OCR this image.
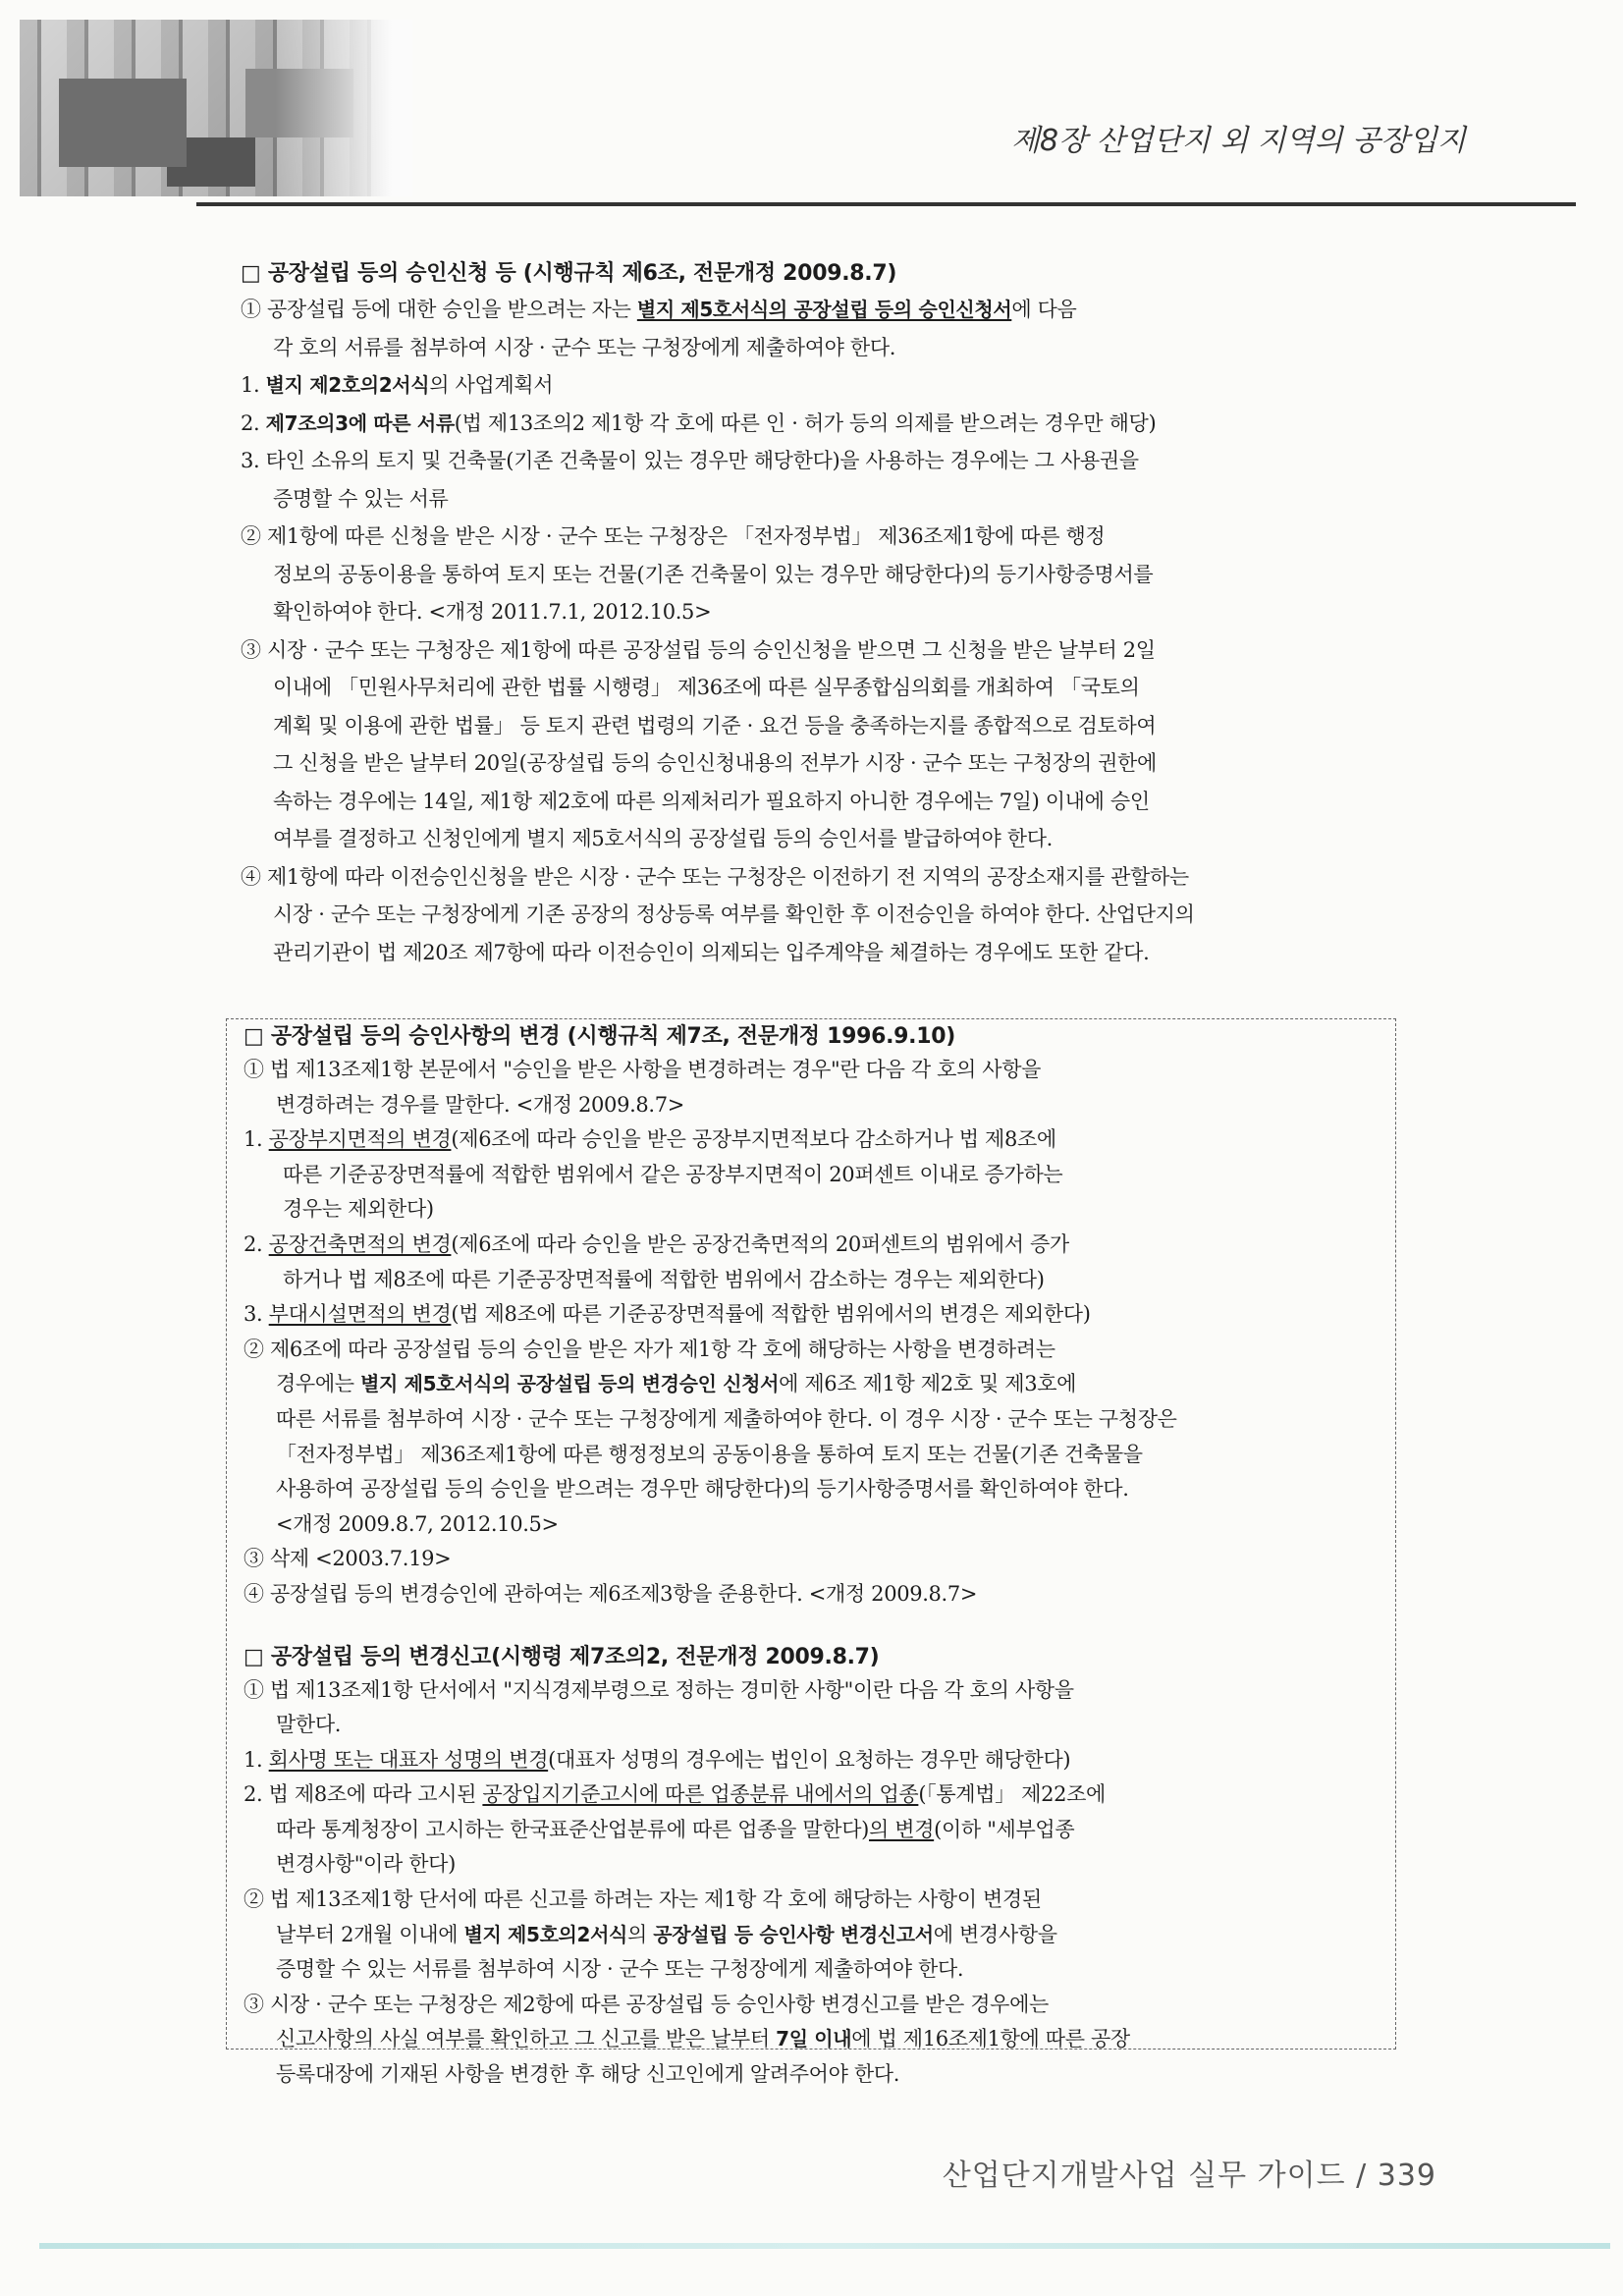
제8장 산업단지 외 지역의 공장입지
□ 공장설립 등의 승인신청 등 (시행규칙 제6조, 전문개정 2009.8.7)
① 공장설립 등에 대한 승인을 받으려는 자는 별지 제5호서식의 공장설립 등의 승인신청서에 다음
각 호의 서류를 첨부하여 시장 · 군수 또는 구청장에게 제출하여야 한다.
1. 별지 제2호의2서식의 사업계획서
2. 제7조의3에 따른 서류(법 제13조의2 제1항 각 호에 따른 인 · 허가 등의 의제를 받으려는 경우만 해당)
3. 타인 소유의 토지 및 건축물(기존 건축물이 있는 경우만 해당한다)을 사용하는 경우에는 그 사용권을
증명할 수 있는 서류
② 제1항에 따른 신청을 받은 시장 · 군수 또는 구청장은 「전자정부법」 제36조제1항에 따른 행정
정보의 공동이용을 통하여 토지 또는 건물(기존 건축물이 있는 경우만 해당한다)의 등기사항증명서를
확인하여야 한다. <개정 2011.7.1, 2012.10.5>
③ 시장 · 군수 또는 구청장은 제1항에 따른 공장설립 등의 승인신청을 받으면 그 신청을 받은 날부터 2일
이내에 「민원사무처리에 관한 법률 시행령」 제36조에 따른 실무종합심의회를 개최하여 「국토의
계획 및 이용에 관한 법률」 등 토지 관련 법령의 기준 · 요건 등을 충족하는지를 종합적으로 검토하여
그 신청을 받은 날부터 20일(공장설립 등의 승인신청내용의 전부가 시장 · 군수 또는 구청장의 권한에
속하는 경우에는 14일, 제1항 제2호에 따른 의제처리가 필요하지 아니한 경우에는 7일) 이내에 승인
여부를 결정하고 신청인에게 별지 제5호서식의 공장설립 등의 승인서를 발급하여야 한다.
④ 제1항에 따라 이전승인신청을 받은 시장 · 군수 또는 구청장은 이전하기 전 지역의 공장소재지를 관할하는
시장 · 군수 또는 구청장에게 기존 공장의 정상등록 여부를 확인한 후 이전승인을 하여야 한다. 산업단지의
관리기관이 법 제20조 제7항에 따라 이전승인이 의제되는 입주계약을 체결하는 경우에도 또한 같다.
□ 공장설립 등의 승인사항의 변경 (시행규칙 제7조, 전문개정 1996.9.10)
① 법 제13조제1항 본문에서 "승인을 받은 사항을 변경하려는 경우"란 다음 각 호의 사항을
변경하려는 경우를 말한다. <개정 2009.8.7>
1. 공장부지면적의 변경(제6조에 따라 승인을 받은 공장부지면적보다 감소하거나 법 제8조에
따른 기준공장면적률에 적합한 범위에서 같은 공장부지면적이 20퍼센트 이내로 증가하는
경우는 제외한다)
2. 공장건축면적의 변경(제6조에 따라 승인을 받은 공장건축면적의 20퍼센트의 범위에서 증가
하거나 법 제8조에 따른 기준공장면적률에 적합한 범위에서 감소하는 경우는 제외한다)
3. 부대시설면적의 변경(법 제8조에 따른 기준공장면적률에 적합한 범위에서의 변경은 제외한다)
② 제6조에 따라 공장설립 등의 승인을 받은 자가 제1항 각 호에 해당하는 사항을 변경하려는
경우에는 별지 제5호서식의 공장설립 등의 변경승인 신청서에 제6조 제1항 제2호 및 제3호에
따른 서류를 첨부하여 시장 · 군수 또는 구청장에게 제출하여야 한다. 이 경우 시장 · 군수 또는 구청장은
「전자정부법」 제36조제1항에 따른 행정정보의 공동이용을 통하여 토지 또는 건물(기존 건축물을
사용하여 공장설립 등의 승인을 받으려는 경우만 해당한다)의 등기사항증명서를 확인하여야 한다.
<개정 2009.8.7, 2012.10.5>
③ 삭제 <2003.7.19>
④ 공장설립 등의 변경승인에 관하여는 제6조제3항을 준용한다. <개정 2009.8.7>
□ 공장설립 등의 변경신고(시행령 제7조의2, 전문개정 2009.8.7)
① 법 제13조제1항 단서에서 "지식경제부령으로 정하는 경미한 사항"이란 다음 각 호의 사항을
말한다.
1. 회사명 또는 대표자 성명의 변경(대표자 성명의 경우에는 법인이 요청하는 경우만 해당한다)
2. 법 제8조에 따라 고시된 공장입지기준고시에 따른 업종분류 내에서의 업종(「통계법」 제22조에
따라 통계청장이 고시하는 한국표준산업분류에 따른 업종을 말한다)의 변경(이하 "세부업종
변경사항"이라 한다)
② 법 제13조제1항 단서에 따른 신고를 하려는 자는 제1항 각 호에 해당하는 사항이 변경된
날부터 2개월 이내에 별지 제5호의2서식의 공장설립 등 승인사항 변경신고서에 변경사항을
증명할 수 있는 서류를 첨부하여 시장 · 군수 또는 구청장에게 제출하여야 한다.
③ 시장 · 군수 또는 구청장은 제2항에 따른 공장설립 등 승인사항 변경신고를 받은 경우에는
신고사항의 사실 여부를 확인하고 그 신고를 받은 날부터 7일 이내에 법 제16조제1항에 따른 공장
등록대장에 기재된 사항을 변경한 후 해당 신고인에게 알려주어야 한다.
산업단지개발사업 실무 가이드 / 339
